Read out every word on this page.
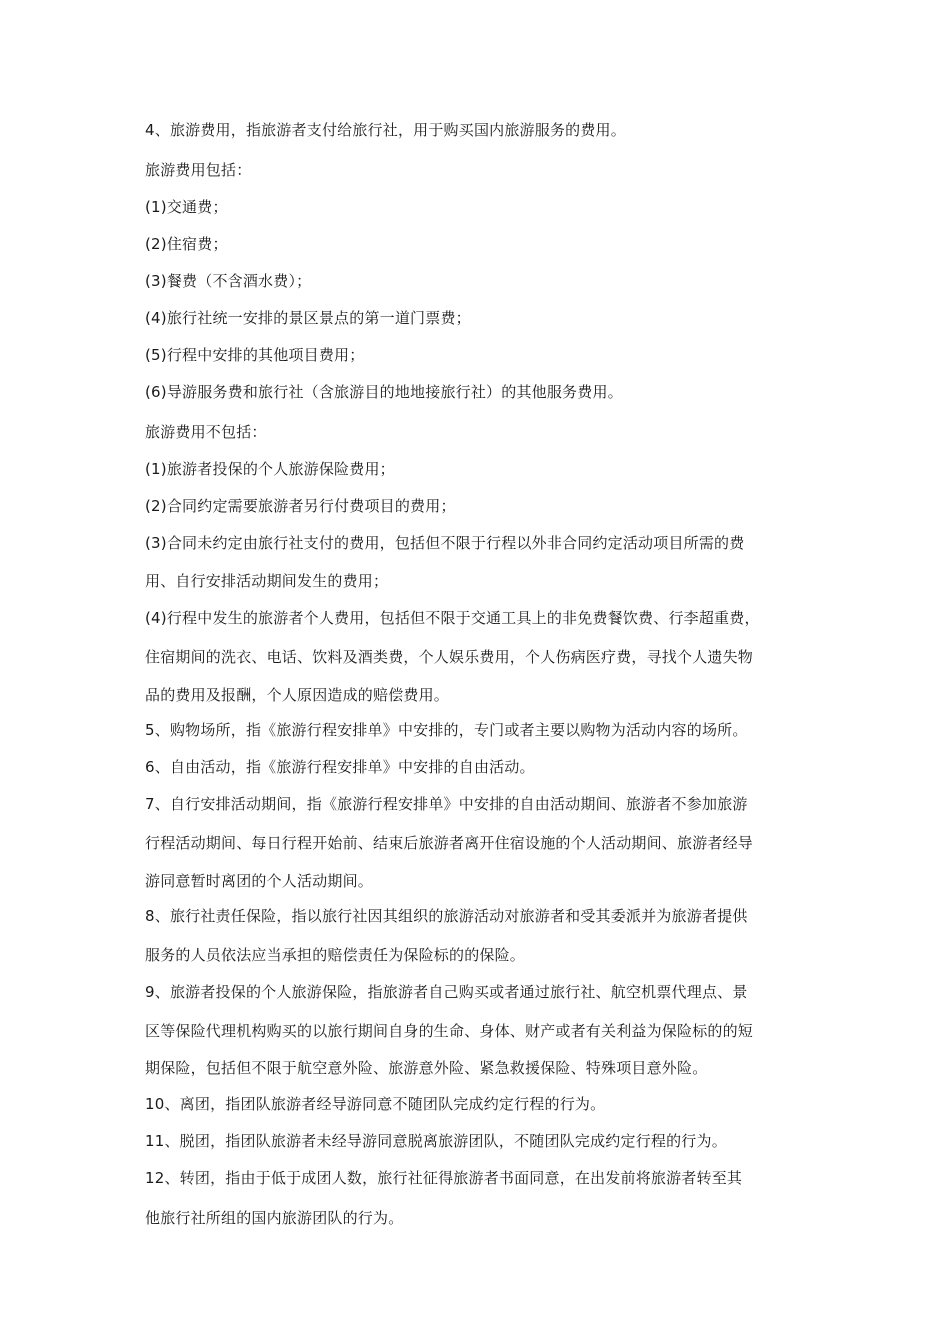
4、旅游费用，指旅游者支付给旅行社，用于购买国内旅游服务的费用。
旅游费用包括：
(1)交通费；
(2)住宿费；
(3)餐费（不含酒水费）；
(4)旅行社统一安排的景区景点的第一道门票费；
(5)行程中安排的其他项目费用；
(6)导游服务费和旅行社（含旅游目的地地接旅行社）的其他服务费用。
旅游费用不包括：
(1)旅游者投保的个人旅游保险费用；
(2)合同约定需要旅游者另行付费项目的费用；
(3)合同未约定由旅行社支付的费用，包括但不限于行程以外非合同约定活动项目所需的费
用、自行安排活动期间发生的费用；
(4)行程中发生的旅游者个人费用，包括但不限于交通工具上的非免费餐饮费、行李超重费，
住宿期间的洗衣、电话、饮料及酒类费，个人娱乐费用，个人伤病医疗费，寻找个人遗失物
品的费用及报酬，个人原因造成的赔偿费用。
5、购物场所，指《旅游行程安排单》中安排的，专门或者主要以购物为活动内容的场所。
6、自由活动，指《旅游行程安排单》中安排的自由活动。
7、自行安排活动期间，指《旅游行程安排单》中安排的自由活动期间、旅游者不参加旅游
行程活动期间、每日行程开始前、结束后旅游者离开住宿设施的个人活动期间、旅游者经导
游同意暂时离团的个人活动期间。
8、旅行社责任保险，指以旅行社因其组织的旅游活动对旅游者和受其委派并为旅游者提供
服务的人员依法应当承担的赔偿责任为保险标的的保险。
9、旅游者投保的个人旅游保险，指旅游者自己购买或者通过旅行社、航空机票代理点、景
区等保险代理机构购买的以旅行期间自身的生命、身体、财产或者有关利益为保险标的的短
期保险，包括但不限于航空意外险、旅游意外险、紧急救援保险、特殊项目意外险。
10、离团，指团队旅游者经导游同意不随团队完成约定行程的行为。
11、脱团，指团队旅游者未经导游同意脱离旅游团队，不随团队完成约定行程的行为。
12、转团，指由于低于成团人数，旅行社征得旅游者书面同意，在出发前将旅游者转至其
他旅行社所组的国内旅游团队的行为。
